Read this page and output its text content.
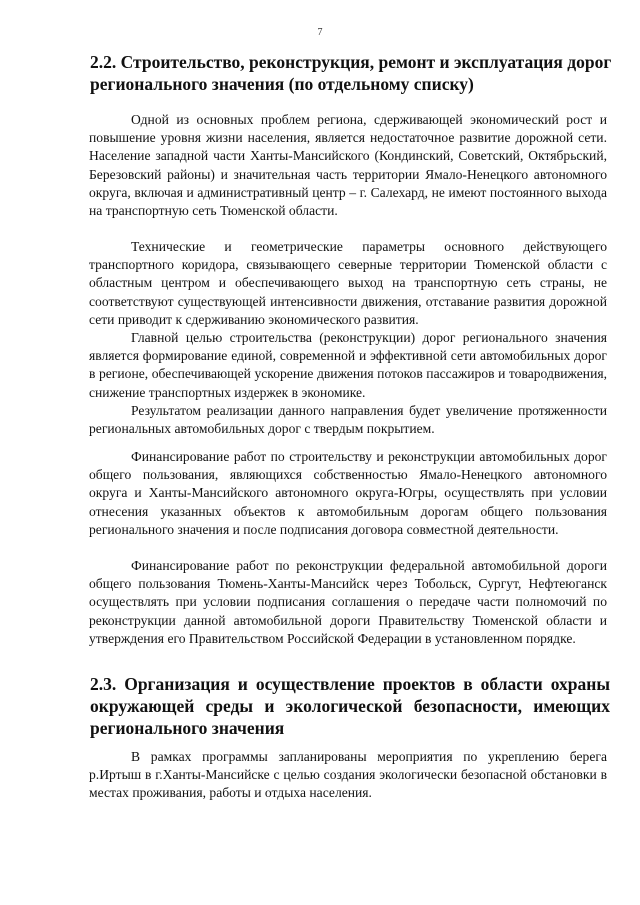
7
2.2. Строительство, реконструкция, ремонт и эксплуатация дорог
регионального значения (по отдельному списку)

Одной из основных проблем региона, сдерживающей экономический рост и повышение уровня жизни населения, является недостаточное развитие дорожной сети. Население западной части Ханты-Мансийского (Кондинский, Советский, Октябрьский, Березовский районы) и значительная часть территории Ямало-Ненецкого автономного округа, включая и административный центр – г. Салехард, не имеют постоянного выхода на транспортную сеть Тюменской области.

Технические и геометрические параметры основного действующего транспортного коридора, связывающего северные территории Тюменской области с областным центром и обеспечивающего выход на транспортную сеть страны, не соответствуют существующей интенсивности движения, отставание развития дорожной сети приводит к сдерживанию экономического развития.

Главной целью строительства (реконструкции) дорог регионального значения является формирование единой, современной и эффективной сети автомобильных дорог в регионе, обеспечивающей ускорение движения потоков пассажиров и товародвижения, снижение транспортных издержек в экономике.

Результатом реализации данного направления будет увеличение протяженности региональных автомобильных дорог с твердым покрытием.

Финансирование работ по строительству и реконструкции автомобильных дорог общего пользования, являющихся собственностью Ямало-Ненецкого автономного округа и Ханты-Мансийского автономного округа-Югры, осуществлять при условии отнесения указанных объектов к автомобильным дорогам общего пользования регионального значения и после подписания договора совместной деятельности.

Финансирование работ по реконструкции федеральной автомобильной дороги общего пользования Тюмень-Ханты-Мансийск через Тобольск, Сургут, Нефтеюганск осуществлять при условии подписания соглашения о передаче части полномочий по реконструкции данной автомобильной дороги Правительству Тюменской области и утверждения его Правительством Российской Федерации в установленном порядке.

2.3. Организация и осуществление проектов в области охраны
окружающей среды и экологической безопасности, имеющих
регионального значения

В рамках программы запланированы мероприятия по укреплению берега р.Иртыш в г.Ханты-Мансийске с целью создания экологически безопасной обстановки в местах проживания, работы и отдыха населения.
